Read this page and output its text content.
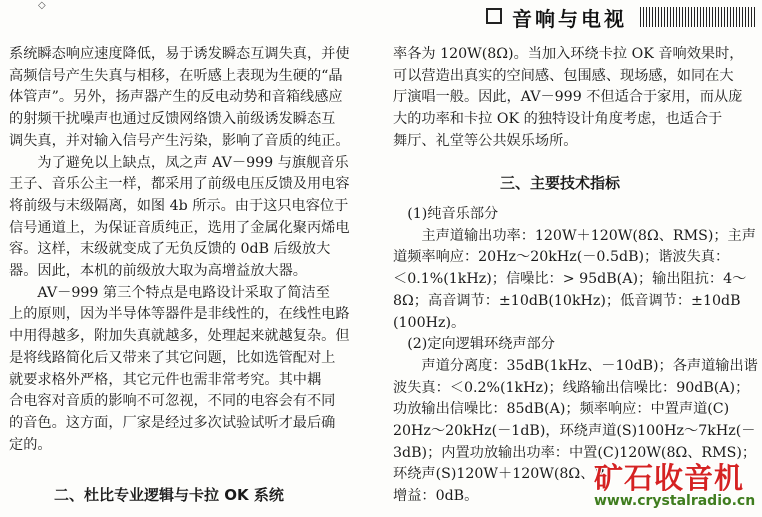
◇
音响与电视

系统瞬态响应速度降低，易于诱发瞬态互调失真，并使

高频信号产生失真与相移，在听感上表现为生硬的“晶

体管声”。另外，扬声器产生的反电动势和音箱线感应

的射频干扰噪声也通过反馈网络馈入前级诱发瞬态互

调失真，并对输入信号产生污染，影响了音质的纯正。

　　为了避免以上缺点，凤之声 AV－999 与旗舰音乐

王子、音乐公主一样，都采用了前级电压反馈及用电容

将前级与末级隔离，如图 4b 所示。由于这只电容位于

信号通道上，为保证音质纯正，选用了金属化聚丙烯电

容。这样，末级就变成了无负反馈的 0dB 后级放大

器。因此，本机的前级放大取为高增益放大器。

　　AV－999 第三个特点是电路设计采取了简洁至

上的原则，因为半导体等器件是非线性的，在线性电路

中用得越多，附加失真就越多，处理起来就越复杂。但

是将线路简化后又带来了其它问题，比如选管配对上

就要求格外严格，其它元件也需非常考究。其中耦

合电容对音质的影响不可忽视，不同的电容会有不同

的音色。这方面，厂家是经过多次试验试听才最后确

定的。

二、杜比专业逻辑与卡拉 OK 系统

率各为 120W(8Ω)。当加入环绕卡拉 OK 音响效果时，

可以营造出真实的空间感、包围感、现场感，如同在大

厅演唱一般。因此，AV－999 不但适合于家用，而从庞

大的功率和卡拉 OK 的独特设计角度考虑，也适合于

舞厅、礼堂等公共娱乐场所。

三、主要技术指标

　(1)纯音乐部分

　　主声道输出功率：120W＋120W(8Ω、RMS)；主声

道频率响应：20Hz～20kHz(－0.5dB)；谐波失真：

＜0.1%(1kHz)；信噪比：> 95dB(A)；输出阻抗：4～

8Ω；高音调节：±10dB(10kHz)；低音调节：±10dB

(100Hz)。

　(2)定向逻辑环绕声部分

　　声道分离度：35dB(1kHz、－10dB)；各声道输出谐

波失真：＜0.2%(1kHz)；线路输出信噪比：90dB(A)；

功放输出信噪比：85dB(A)；频率响应：中置声道(C)

20Hz～20kHz(－1dB)，环绕声道(S)100Hz～7kHz(－

3dB)；内置功放输出功率：中置(C)120W(8Ω、RMS)；

环绕声(S)120W＋120W(8Ω、R

增益：0dB。

矿石收音机
www.crystalradio.cn
